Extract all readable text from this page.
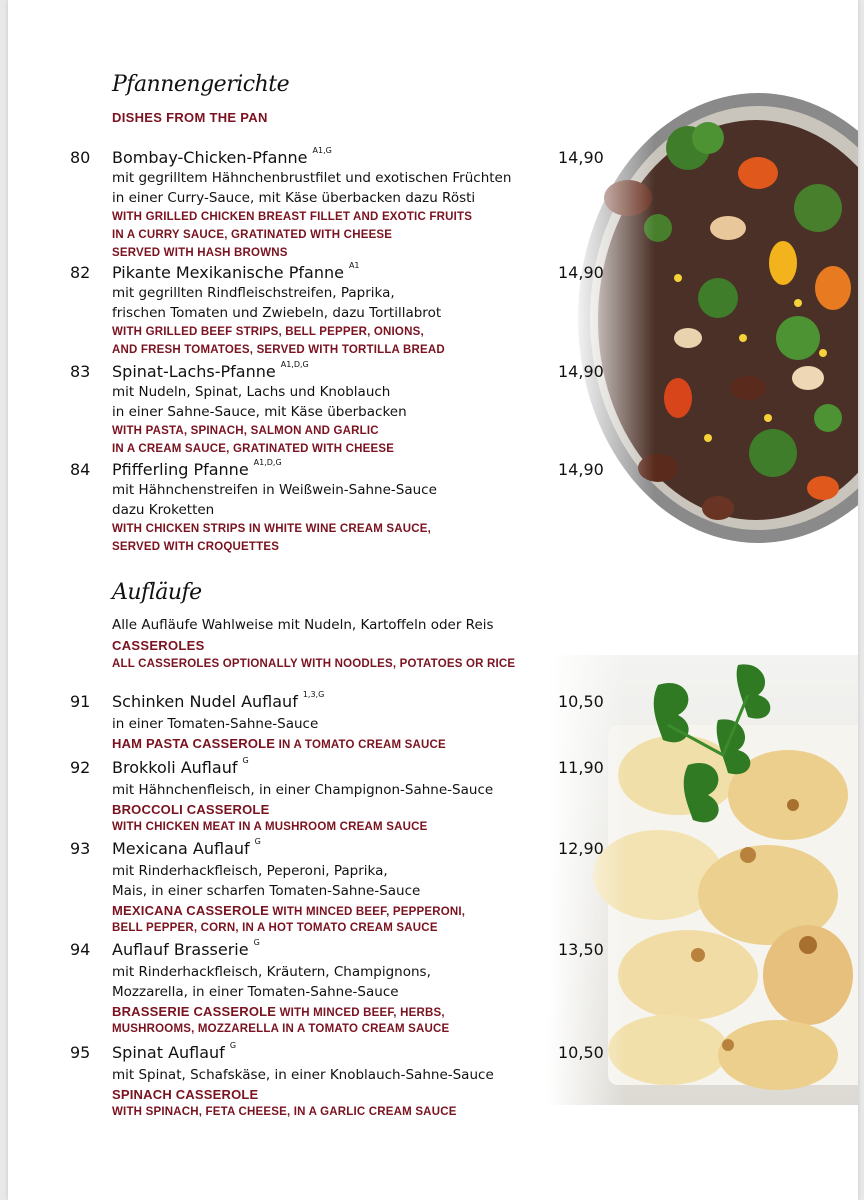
Pfannengerichte
DISHES FROM THE PAN
80 Bombay-Chicken-Pfanne $^{A1,G}$	14,90
mit gegrilltem Hähnchenbrustfilet und exotischen Früchten
in einer Curry-Sauce, mit Käse überbacken dazu Rösti
WITH GRILLED CHICKEN BREAST FILLET AND EXOTIC FRUITS
IN A CURRY SAUCE, GRATINATED WITH CHEESE
SERVED WITH HASH BROWNS
82 Pikante Mexikanische Pfanne $^{A1}$	14,90
mit gegrillten Rindfleischstreifen, Paprika,
frischen Tomaten und Zwiebeln, dazu Tortillabrot
WITH GRILLED BEEF STRIPS, BELL PEPPER, ONIONS,
AND FRESH TOMATOES, SERVED WITH TORTILLA BREAD
83 Spinat-Lachs-Pfanne $^{A1,D,G}$	14,90
mit Nudeln, Spinat, Lachs und Knoblauch
in einer Sahne-Sauce, mit Käse überbacken
WITH PASTA, SPINACH, SALMON AND GARLIC
IN A CREAM SAUCE, GRATINATED WITH CHEESE
84 Pfifferling Pfanne $^{A1,D,G}$	14,90
mit Hähnchenstreifen in Weißwein-Sahne-Sauce
dazu Kroketten
WITH CHICKEN STRIPS IN WHITE WINE CREAM SAUCE,
SERVED WITH CROQUETTES
Aufläufe
Alle Aufläufe Wahlweise mit Nudeln, Kartoffeln oder Reis
CASSEROLES
ALL CASSEROLES OPTIONALLY WITH NOODLES, POTATOES OR RICE
91 Schinken Nudel Auflauf $^{1,3,G}$	10,50
in einer Tomaten-Sahne-Sauce
HAM PASTA CASSEROLE IN A TOMATO CREAM SAUCE
92 Brokkoli Auflauf $^G$	11,90
mit Hähnchenfleisch, in einer Champignon-Sahne-Sauce
BROCCOLI CASSEROLE
WITH CHICKEN MEAT IN A MUSHROOM CREAM SAUCE
93 Mexicana Auflauf $^G$	12,90
mit Rinderhackfleisch, Peperoni, Paprika,
Mais, in einer scharfen Tomaten-Sahne-Sauce
MEXICANA CASSEROLE WITH MINCED BEEF, PEPPERONI,
BELL PEPPER, CORN, IN A HOT TOMATO CREAM SAUCE
94 Auflauf Brasserie $^G$	13,50
mit Rinderhackfleisch, Kräutern, Champignons,
Mozzarella, in einer Tomaten-Sahne-Sauce
BRASSERIE CASSEROLE WITH MINCED BEEF, HERBS,
MUSHROOMS, MOZZARELLA IN A TOMATO CREAM SAUCE
95 Spinat Auflauf $^G$	10,50
mit Spinat, Schafskäse, in einer Knoblauch-Sahne-Sauce
SPINACH CASSEROLE
WITH SPINACH, FETA CHEESE, IN A GARLIC CREAM SAUCE
